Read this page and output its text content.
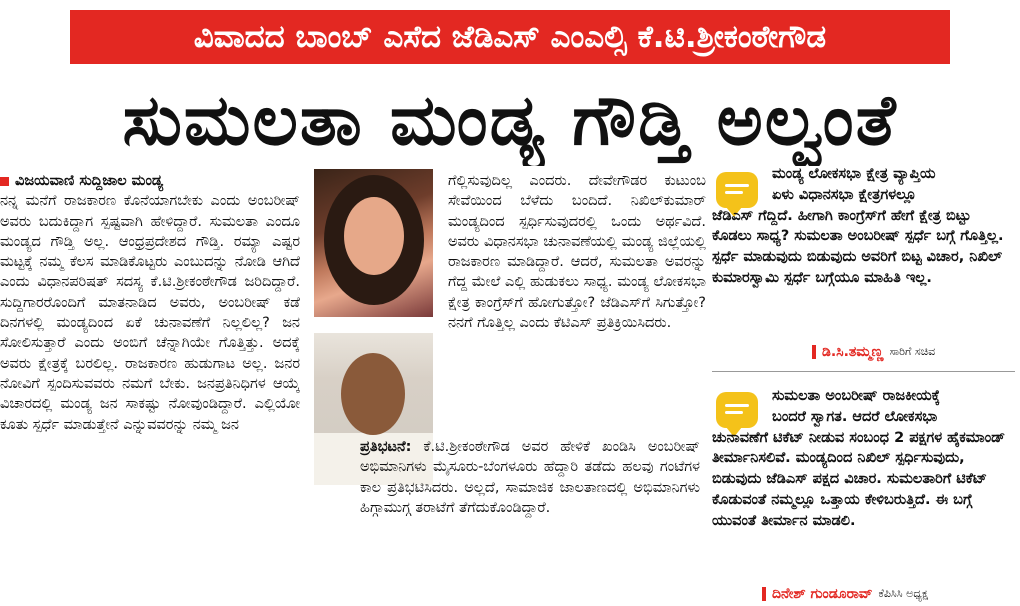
ವಿವಾದದ ಬಾಂಬ್ ಎಸೆದ ಜೆಡಿಎಸ್ ಎಂಎಲ್ಸಿ ಕೆ.ಟಿ.ಶ್ರೀಕಂಠೇಗೌಡ
ಸುಮಲತಾ ಮಂಡ್ಯ ಗೌಡ್ತಿ ಅಲ್ವಂತೆ
ವಿಜಯವಾಣಿ ಸುದ್ದಿಜಾಲ ಮಂಡ್ಯ

ನನ್ನ ಮನೆಗೆ ರಾಜಕಾರಣ ಕೊನೆಯಾಗಬೇಕು ಎಂದು ಅಂಬರೀಷ್ ಅವರು ಬದುಕಿದ್ದಾಗ ಸ್ಪಷ್ಟವಾಗಿ ಹೇಳಿದ್ದಾರೆ. ಸುಮಲತಾ ಎಂದೂ ಮಂಡ್ಯದ ಗೌಡ್ತಿ ಅಲ್ಲ. ಆಂಧ್ರಪ್ರದೇಶದ ಗೌಡ್ತಿ. ರಮ್ಯಾ ಎಷ್ಟರ ಮಟ್ಟಕ್ಕೆ ನಮ್ಮ ಕೆಲಸ ಮಾಡಿಕೊಟ್ಟರು ಎಂಬುದನ್ನು ನೋಡಿ ಆಗಿದೆ ಎಂದು ವಿಧಾನಪರಿಷತ್ ಸದಸ್ಯ ಕೆ.ಟಿ.ಶ್ರೀಕಂಠೇಗೌಡ ಜರಿದಿದ್ದಾರೆ. ಸುದ್ದಿಗಾರರೊಂದಿಗೆ ಮಾತನಾಡಿದ ಅವರು, ಅಂಬರೀಷ್ ಕಡೆ ದಿನಗಳಲ್ಲಿ ಮಂಡ್ಯದಿಂದ ಏಕೆ ಚುನಾವಣೆಗೆ ನಿಲ್ಲಲಿಲ್ಲ? ಜನ ಸೋಲಿಸುತ್ತಾರೆ ಎಂದು ಅಂಬಿಗೆ ಚೆನ್ನಾಗಿಯೇ ಗೊತ್ತಿತ್ತು. ಅದಕ್ಕೆ ಅವರು ಕ್ಷೇತ್ರಕ್ಕೆ ಬರಲಿಲ್ಲ. ರಾಜಕಾರಣ ಹುಡುಗಾಟ ಅಲ್ಲ. ಜನರ ನೋವಿಗೆ ಸ್ಪಂದಿಸುವವರು ನಮಗೆ ಬೇಕು. ಜನಪ್ರತಿನಿಧಿಗಳ ಆಯ್ಕೆ ವಿಚಾರದಲ್ಲಿ ಮಂಡ್ಯ ಜನ ಸಾಕಷ್ಟು ನೋವುಂಡಿದ್ದಾರೆ. ಎಲ್ಲಿಯೋ ಕೂತು ಸ್ಪರ್ಧೆ ಮಾಡುತ್ತೇನೆ ಎನ್ನುವವರನ್ನು ನಮ್ಮ ಜನ

ಗೆಲ್ಲಿಸುವುದಿಲ್ಲ ಎಂದರು. ದೇವೇಗೌಡರ ಕುಟುಂಬ ಸೇವೆಯಿಂದ ಬೆಳೆದು ಬಂದಿದೆ. ನಿಖಿಲ್‌ಕುಮಾರ್ ಮಂಡ್ಯದಿಂದ ಸ್ಪರ್ಧಿಸುವುದರಲ್ಲಿ ಒಂದು ಅರ್ಥವಿದೆ. ಅವರು ವಿಧಾನಸಭಾ ಚುನಾವಣೆಯಲ್ಲಿ ಮಂಡ್ಯ ಜಿಲ್ಲೆಯಲ್ಲಿ ರಾಜಕಾರಣ ಮಾಡಿದ್ದಾರೆ. ಆದರೆ, ಸುಮಲತಾ ಅವರನ್ನು ಗೆದ್ದ ಮೇಲೆ ಎಲ್ಲಿ ಹುಡುಕಲು ಸಾಧ್ಯ. ಮಂಡ್ಯ ಲೋಕಸಭಾ ಕ್ಷೇತ್ರ ಕಾಂಗ್ರೆಸ್‌ಗೆ ಹೋಗುತ್ತೋ? ಜೆಡಿಎಸ್‌ಗೆ ಸಿಗುತ್ತೋ? ನನಗೆ ಗೊತ್ತಿಲ್ಲ ಎಂದು ಕೆಟಿಎಸ್ ಪ್ರತಿಕ್ರಿಯಿಸಿದರು.

ಪ್ರತಿಭಟನೆ: ಕೆ.ಟಿ.ಶ್ರೀಕಂಠೇಗೌಡ ಅವರ ಹೇಳಿಕೆ ಖಂಡಿಸಿ ಅಂಬರೀಷ್ ಅಭಿಮಾನಿಗಳು ಮೈಸೂರು-ಬೆಂಗಳೂರು ಹೆದ್ದಾರಿ ತಡೆದು ಹಲವು ಗಂಟೆಗಳ ಕಾಲ ಪ್ರತಿಭಟಿಸಿದರು. ಅಲ್ಲದೆ, ಸಾಮಾಜಿಕ ಜಾಲತಾಣದಲ್ಲಿ ಅಭಿಮಾನಿಗಳು ಹಿಗ್ಗಾಮುಗ್ಗ ತರಾಟೆಗೆ ತೆಗೆದುಕೊಂಡಿದ್ದಾರೆ.

ಮಂಡ್ಯ ಲೋಕಸಭಾ ಕ್ಷೇತ್ರ ವ್ಯಾಪ್ತಿಯ
ಏಳು ವಿಧಾನಸಭಾ ಕ್ಷೇತ್ರಗಳಲ್ಲೂ
ಜೆಡಿಎಸ್ ಗೆದ್ದಿದೆ. ಹೀಗಾಗಿ ಕಾಂಗ್ರೆಸ್‌ಗೆ ಹೇಗೆ ಕ್ಷೇತ್ರ ಬಿಟ್ಟು ಕೊಡಲು ಸಾಧ್ಯ? ಸುಮಲತಾ ಅಂಬರೀಷ್ ಸ್ಪರ್ಧೆ ಬಗ್ಗೆ ಗೊತ್ತಿಲ್ಲ. ಸ್ಪರ್ಧೆ ಮಾಡುವುದು ಬಿಡುವುದು ಅವರಿಗೆ ಬಿಟ್ಟ ವಿಚಾರ, ನಿಖಿಲ್ ಕುಮಾರಸ್ವಾಮಿ ಸ್ಪರ್ಧೆ ಬಗ್ಗೆಯೂ ಮಾಹಿತಿ ಇಲ್ಲ.
ಡಿ.ಸಿ.ತಮ್ಮಣ್ಣ ಸಾರಿಗೆ ಸಚಿವ
ಸುಮಲತಾ ಅಂಬರೀಷ್ ರಾಜಕೀಯಕ್ಕೆ
ಬಂದರೆ ಸ್ವಾಗತ. ಆದರೆ ಲೋಕಸಭಾ
ಚುನಾವಣೆಗೆ ಟಿಕೆಟ್ ನೀಡುವ ಸಂಬಂಧ 2 ಪಕ್ಷಗಳ ಹೈಕಮಾಂಡ್ ತೀರ್ಮಾನಿಸಲಿವೆ. ಮಂಡ್ಯದಿಂದ ನಿಖಿಲ್ ಸ್ಪರ್ಧಿಸುವುದು, ಬಿಡುವುದು ಜೆಡಿಎಸ್ ಪಕ್ಷದ ವಿಚಾರ. ಸುಮಲತಾರಿಗೆ ಟಿಕೆಟ್ ಕೊಡುವಂತೆ ನಮ್ಮಲ್ಲೂ ಒತ್ತಾಯ ಕೇಳಿಬರುತ್ತಿದೆ. ಈ ಬಗ್ಗೆ ಯುವಂತೆ ತೀರ್ಮಾನ ಮಾಡಲಿ.
ದಿನೇಶ್ ಗುಂಡೂರಾವ್ ಕೆಪಿಸಿಸಿ ಅಧ್ಯಕ್ಷ
